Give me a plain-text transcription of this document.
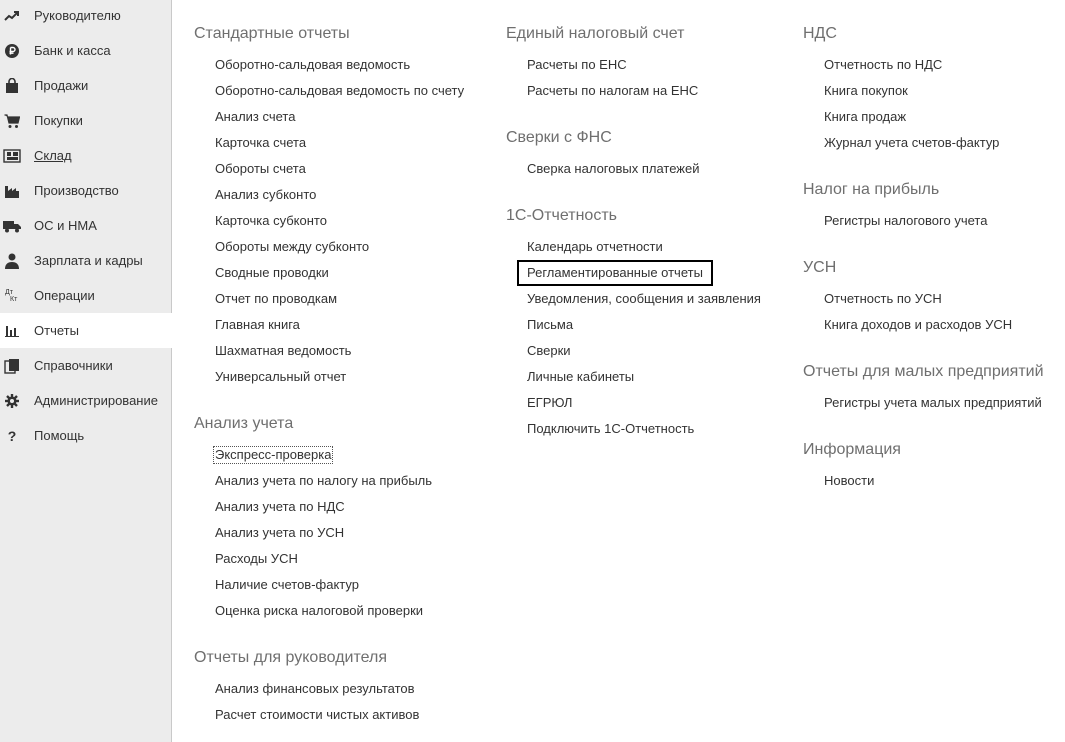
Руководителю
Банк и касса
Продажи
Покупки
Склад
Производство
ОС и НМА
Зарплата и кадры
Дт
Кт Операции
Отчеты
Справочники
Администрирование
?	Помощь
Стандартные отчеты
Оборотно-сальдовая ведомость
Оборотно-сальдовая ведомость по счету
Анализ счета
Карточка счета
Обороты счета
Анализ субконто
Карточка субконто
Обороты между субконто
Сводные проводки
Отчет по проводкам
Главная книга
Шахматная ведомость
Универсальный отчет
Анализ учета
Экспресс-проверка
Анализ учета по налогу на прибыль
Анализ учета по НДС
Анализ учета по УСН
Расходы УСН
Наличие счетов-фактур
Оценка риска налоговой проверки
Отчеты для руководителя
Анализ финансовых результатов
Расчет стоимости чистых активов
Единый налоговый счет
Расчеты по ЕНС
Расчеты по налогам на ЕНС
Сверки с ФНС
Сверка налоговых платежей
1С-Отчетность
Календарь отчетности
Регламентированные отчеты
Уведомления, сообщения и заявления
Письма
Сверки
Личные кабинеты
ЕГРЮЛ
Подключить 1С-Отчетность
НДС
Отчетность по НДС
Книга покупок
Книга продаж
Журнал учета счетов-фактур
Налог на прибыль
Регистры налогового учета
УСН
Отчетность по УСН
Книга доходов и расходов УСН
Отчеты для малых предприятий
Регистры учета малых предприятий
Информация
Новости
